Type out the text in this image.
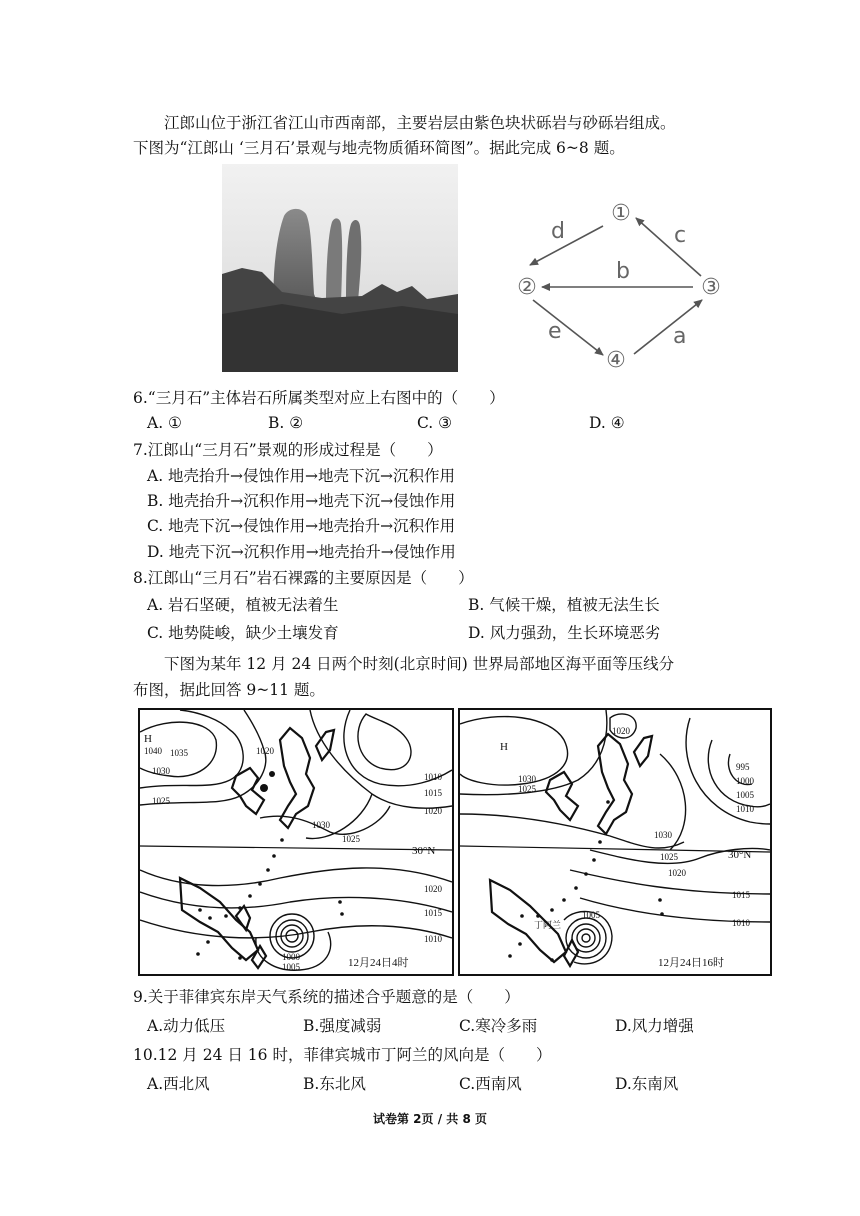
江郎山位于浙江省江山市西南部，主要岩层由紫色块状砾岩与砂砾岩组成。
下图为“江郎山 ‘三月石’景观与地壳物质循环简图”。据此完成 6~8 题。
①
②	③
④
a
b
c
d
e
6.“三月石”主体岩石所属类型对应上右图中的（　　）
A. ①	B. ②	C. ③	D. ④
7.江郎山“三月石”景观的形成过程是（　　）
A. 地壳抬升→侵蚀作用→地壳下沉→沉积作用
B. 地壳抬升→沉积作用→地壳下沉→侵蚀作用
C. 地壳下沉→侵蚀作用→地壳抬升→沉积作用
D. 地壳下沉→沉积作用→地壳抬升→侵蚀作用
8.江郎山“三月石”岩石裸露的主要原因是（　　）
A. 岩石坚硬，植被无法着生	B. 气候干燥，植被无法生长
C. 地势陡峻，缺少土壤发育	D. 风力强劲，生长环境恶劣
下图为某年 12 月 24 日两个时刻(北京时间) 世界局部地区海平面等压线分
布图，据此回答 9~11 题。
H
1040 1035
1030
1025
1020
1030
1025
1010
1015
1020
1020
1015
1010
1000
1005
30°N
12月24日4时
H
1020
1030
1025
995
1000
1005
1010
1030
1025
1020
1015
1010
1005
丁阿兰
30°N
12月24日16时
9.关于菲律宾东岸天气系统的描述合乎题意的是（　　）
A.动力低压	B.强度减弱	C.寒冷多雨	D.风力增强
10.12 月 24 日 16 时，菲律宾城市丁阿兰的风向是（　　）
A.西北风	B.东北风	C.西南风	D.东南风
试卷第 2页 / 共 8 页
